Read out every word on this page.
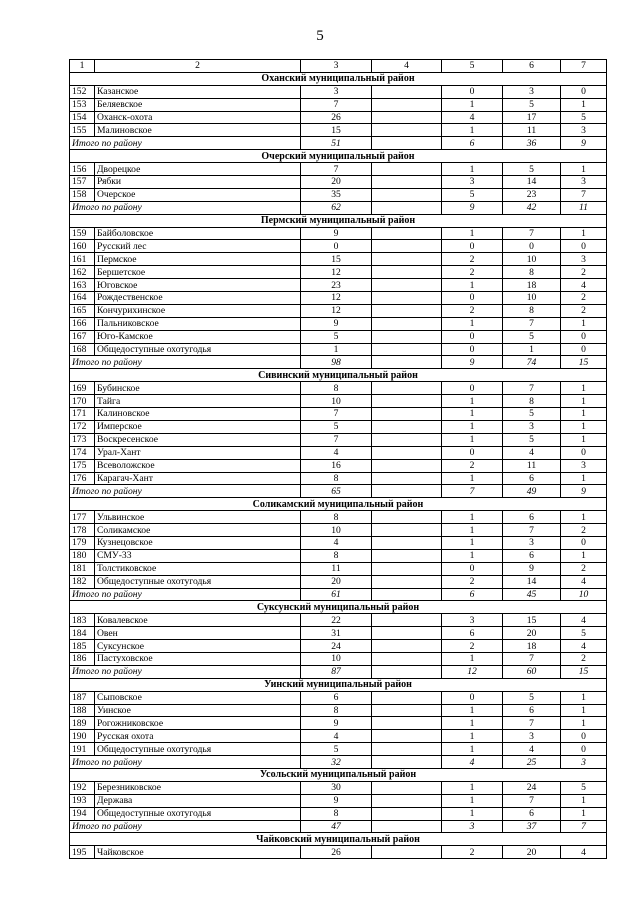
5
1	2	3	4	5	6	7
Оханский муниципальный район						
152	Казанское	3		0	3	0
153	Беляевское	7		1	5	1
154	Оханск-охота	26		4	17	5
155	Малиновское	15		1	11	3
Итого по району		51		6	36	9
Очерский муниципальный район						
156	Дворецкое	7		1	5	1
157	Рябки	20		3	14	3
158	Очерское	35		5	23	7
Итого по району		62		9	42	11
Пермский муниципальный район						
159	Байболовское	9		1	7	1
160	Русский лес	0		0	0	0
161	Пермское	15		2	10	3
162	Бершетское	12		2	8	2
163	Юговское	23		1	18	4
164	Рождественское	12		0	10	2
165	Кончурихинское	12		2	8	2
166	Пальниковское	9		1	7	1
167	Юго-Камское	5		0	5	0
168	Общедоступные охотугодья	1		0	1	0
Итого по району		98		9	74	15
Сивинский муниципальный район						
169	Бубинское	8		0	7	1
170	Тайга	10		1	8	1
171	Калиновское	7		1	5	1
172	Имперское	5		1	3	1
173	Воскресенское	7		1	5	1
174	Урал-Хант	4		0	4	0
175	Всеволожское	16		2	11	3
176	Карагач-Хант	8		1	6	1
Итого по району		65		7	49	9
Соликамский муниципальный район						
177	Ульвинское	8		1	6	1
178	Соликамское	10		1	7	2
179	Кузнецовское	4		1	3	0
180	СМУ-33	8		1	6	1
181	Толстиковское	11		0	9	2
182	Общедоступные охотугодья	20		2	14	4
Итого по району		61		6	45	10
Суксунский муниципальный район						
183	Ковалевское	22		3	15	4
184	Овен	31		6	20	5
185	Суксунское	24		2	18	4
186	Пастуховское	10		1	7	2
Итого по району		87		12	60	15
Уинский муниципальный район						
187	Сыповское	6		0	5	1
188	Уинское	8		1	6	1
189	Рогожниковское	9		1	7	1
190	Русская охота	4		1	3	0
191	Общедоступные охотугодья	5		1	4	0
Итого по району		32		4	25	3
Усольский муниципальный район						
192	Березниковское	30		1	24	5
193	Держава	9		1	7	1
194	Общедоступные охотугодья	8		1	6	1
Итого по району		47		3	37	7
Чайковский муниципальный район						
195	Чайковское	26		2	20	4
